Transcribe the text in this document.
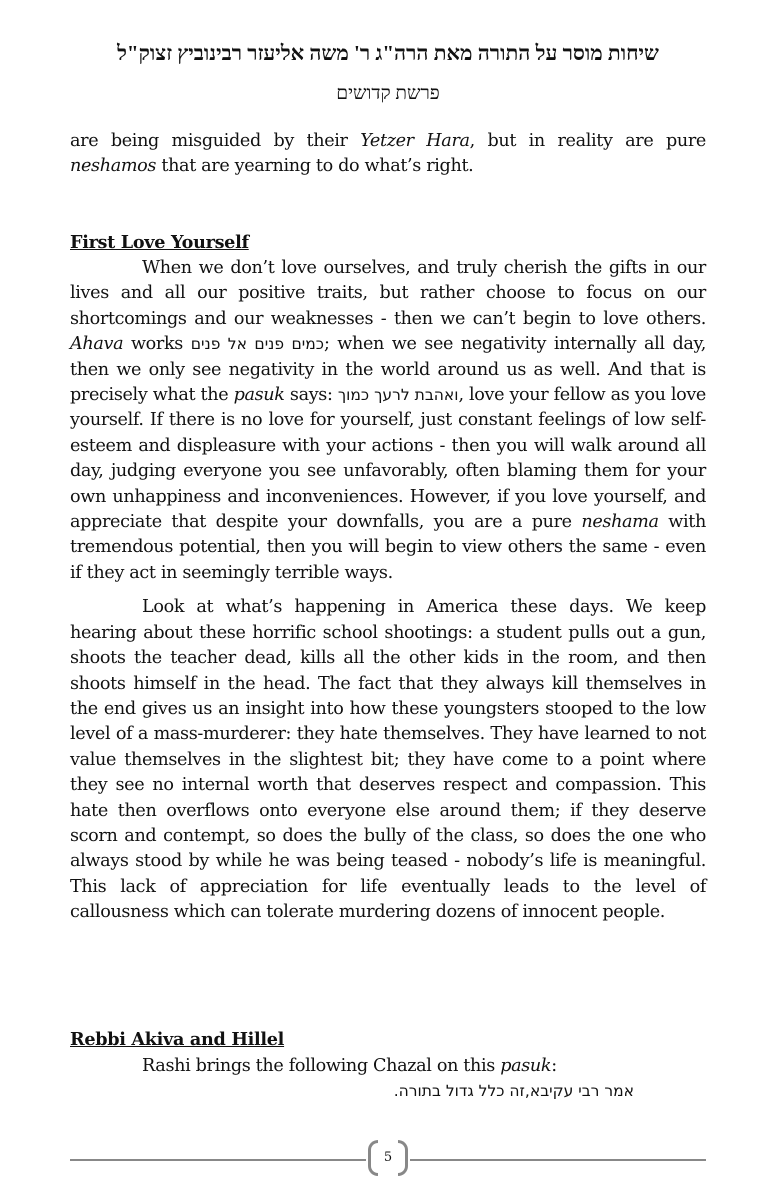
שיחות מוסר על התורה מאת הרה"ג ר' משה אליעזר רבינוביץ זצוק"ל
פרשת קדושים

are being misguided by their Yetzer Hara, but in reality are pure neshamos that are yearning to do what’s right.

First Love Yourself

When we don’t love ourselves, and truly cherish the gifts in our lives and all our positive traits, but rather choose to focus on our shortcomings and our weaknesses - then we can’t begin to love others. Ahava works כמים פנים אל פנים; when we see negativity internally all day, then we only see negativity in the world around us as well. And that is precisely what the pasuk says: ואהבת לרעך כמוך, love your fellow as you love yourself. If there is no love for yourself, just constant feelings of low self-esteem and displeasure with your actions - then you will walk around all day, judging everyone you see unfavorably, often blaming them for your own unhappiness and inconveniences. However, if you love yourself, and appreciate that despite your downfalls, you are a pure neshama with tremendous potential, then you will begin to view others the same - even if they act in seemingly terrible ways.

Look at what’s happening in America these days. We keep hearing about these horrific school shootings: a student pulls out a gun, shoots the teacher dead, kills all the other kids in the room, and then shoots himself in the head. The fact that they always kill themselves in the end gives us an insight into how these youngsters stooped to the low level of a mass-murderer: they hate themselves. They have learned to not value themselves in the slightest bit; they have come to a point where they see no internal worth that deserves respect and compassion. This hate then overflows onto everyone else around them; if they deserve scorn and contempt, so does the bully of the class, so does the one who always stood by while he was being teased - nobody’s life is meaningful. This lack of appreciation for life eventually leads to the level of callousness which can tolerate murdering dozens of innocent people.

Rebbi Akiva and Hillel

Rashi brings the following Chazal on this pasuk:
אמר רבי עקיבא,

זה כלל גדול בתורה.

5
